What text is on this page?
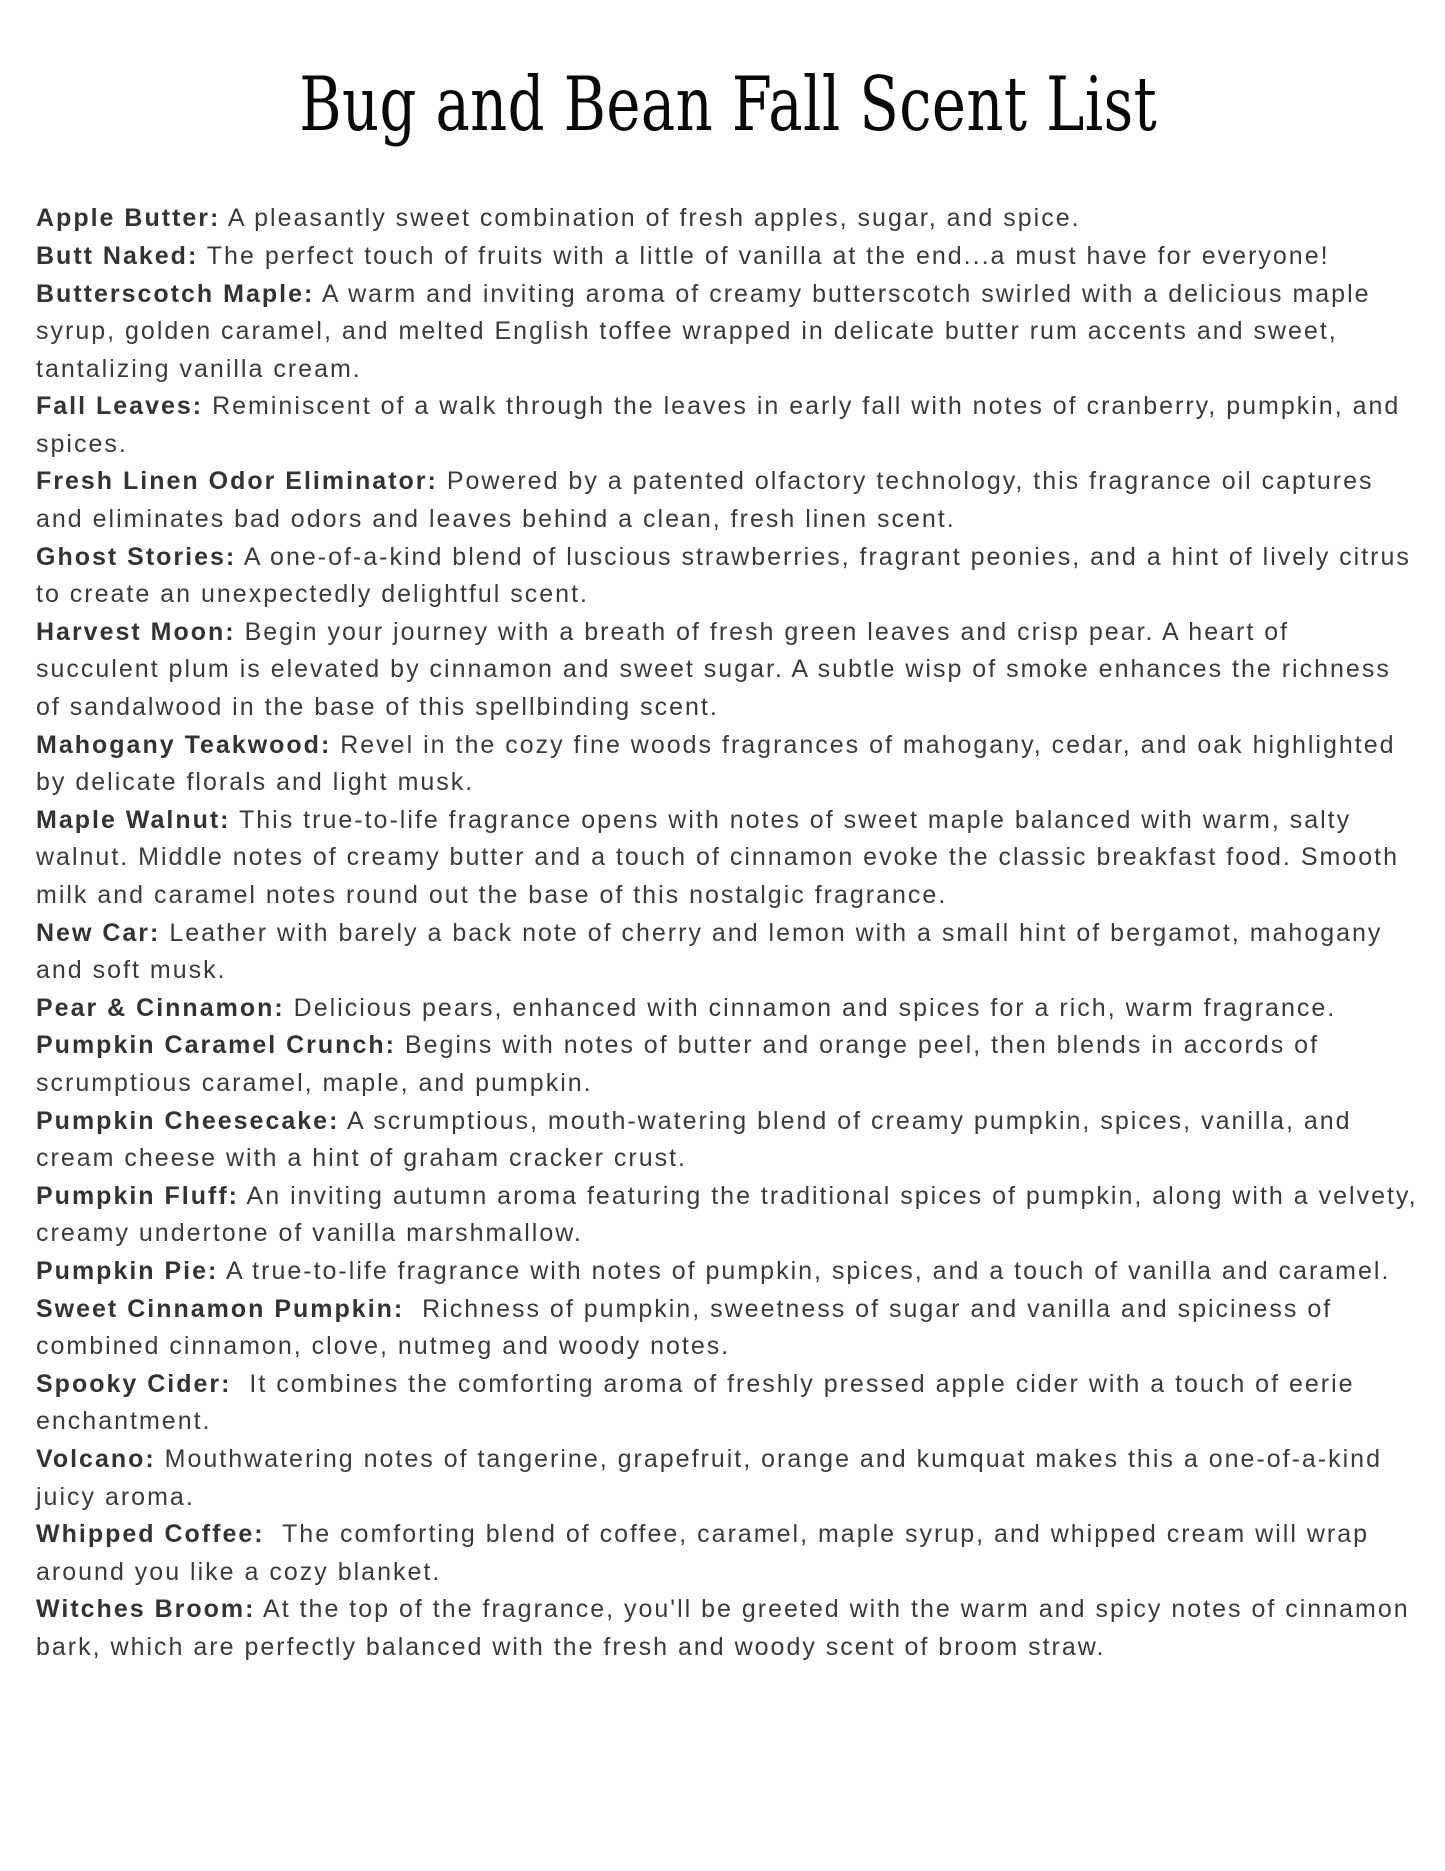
Bug and Bean Fall Scent List

Apple Butter: A pleasantly sweet combination of fresh apples, sugar, and spice.

Butt Naked: The perfect touch of fruits with a little of vanilla at the end...a must have for everyone!

Butterscotch Maple: A warm and inviting aroma of creamy butterscotch swirled with a delicious maple syrup, golden caramel, and melted English toffee wrapped in delicate butter rum accents and sweet, tantalizing vanilla cream.

Fall Leaves: Reminiscent of a walk through the leaves in early fall with notes of cranberry, pumpkin, and spices.

Fresh Linen Odor Eliminator: Powered by a patented olfactory technology, this fragrance oil captures and eliminates bad odors and leaves behind a clean, fresh linen scent.

Ghost Stories: A one-of-a-kind blend of luscious strawberries, fragrant peonies, and a hint of lively citrus to create an unexpectedly delightful scent.

Harvest Moon: Begin your journey with a breath of fresh green leaves and crisp pear. A heart of succulent plum is elevated by cinnamon and sweet sugar. A subtle wisp of smoke enhances the richness of sandalwood in the base of this spellbinding scent.

Mahogany Teakwood: Revel in the cozy fine woods fragrances of mahogany, cedar, and oak highlighted by delicate florals and light musk.

Maple Walnut: This true-to-life fragrance opens with notes of sweet maple balanced with warm, salty walnut. Middle notes of creamy butter and a touch of cinnamon evoke the classic breakfast food. Smooth milk and caramel notes round out the base of this nostalgic fragrance.

New Car: Leather with barely a back note of cherry and lemon with a small hint of bergamot, mahogany and soft musk.

Pear & Cinnamon: Delicious pears, enhanced with cinnamon and spices for a rich, warm fragrance.

Pumpkin Caramel Crunch: Begins with notes of butter and orange peel, then blends in accords of scrumptious caramel, maple, and pumpkin.

Pumpkin Cheesecake: A scrumptious, mouth-watering blend of creamy pumpkin, spices, vanilla, and cream cheese with a hint of graham cracker crust.

Pumpkin Fluff: An inviting autumn aroma featuring the traditional spices of pumpkin, along with a velvety, creamy undertone of vanilla marshmallow.

Pumpkin Pie: A true-to-life fragrance with notes of pumpkin, spices, and a touch of vanilla and caramel.

Sweet Cinnamon Pumpkin:  Richness of pumpkin, sweetness of sugar and vanilla and spiciness of combined cinnamon, clove, nutmeg and woody notes.

Spooky Cider:  It combines the comforting aroma of freshly pressed apple cider with a touch of eerie enchantment.

Volcano: Mouthwatering notes of tangerine, grapefruit, orange and kumquat makes this a one-of-a-kind juicy aroma.

Whipped Coffee:  The comforting blend of coffee, caramel, maple syrup, and whipped cream will wrap around you like a cozy blanket.

Witches Broom: At the top of the fragrance, you'll be greeted with the warm and spicy notes of cinnamon bark, which are perfectly balanced with the fresh and woody scent of broom straw.
